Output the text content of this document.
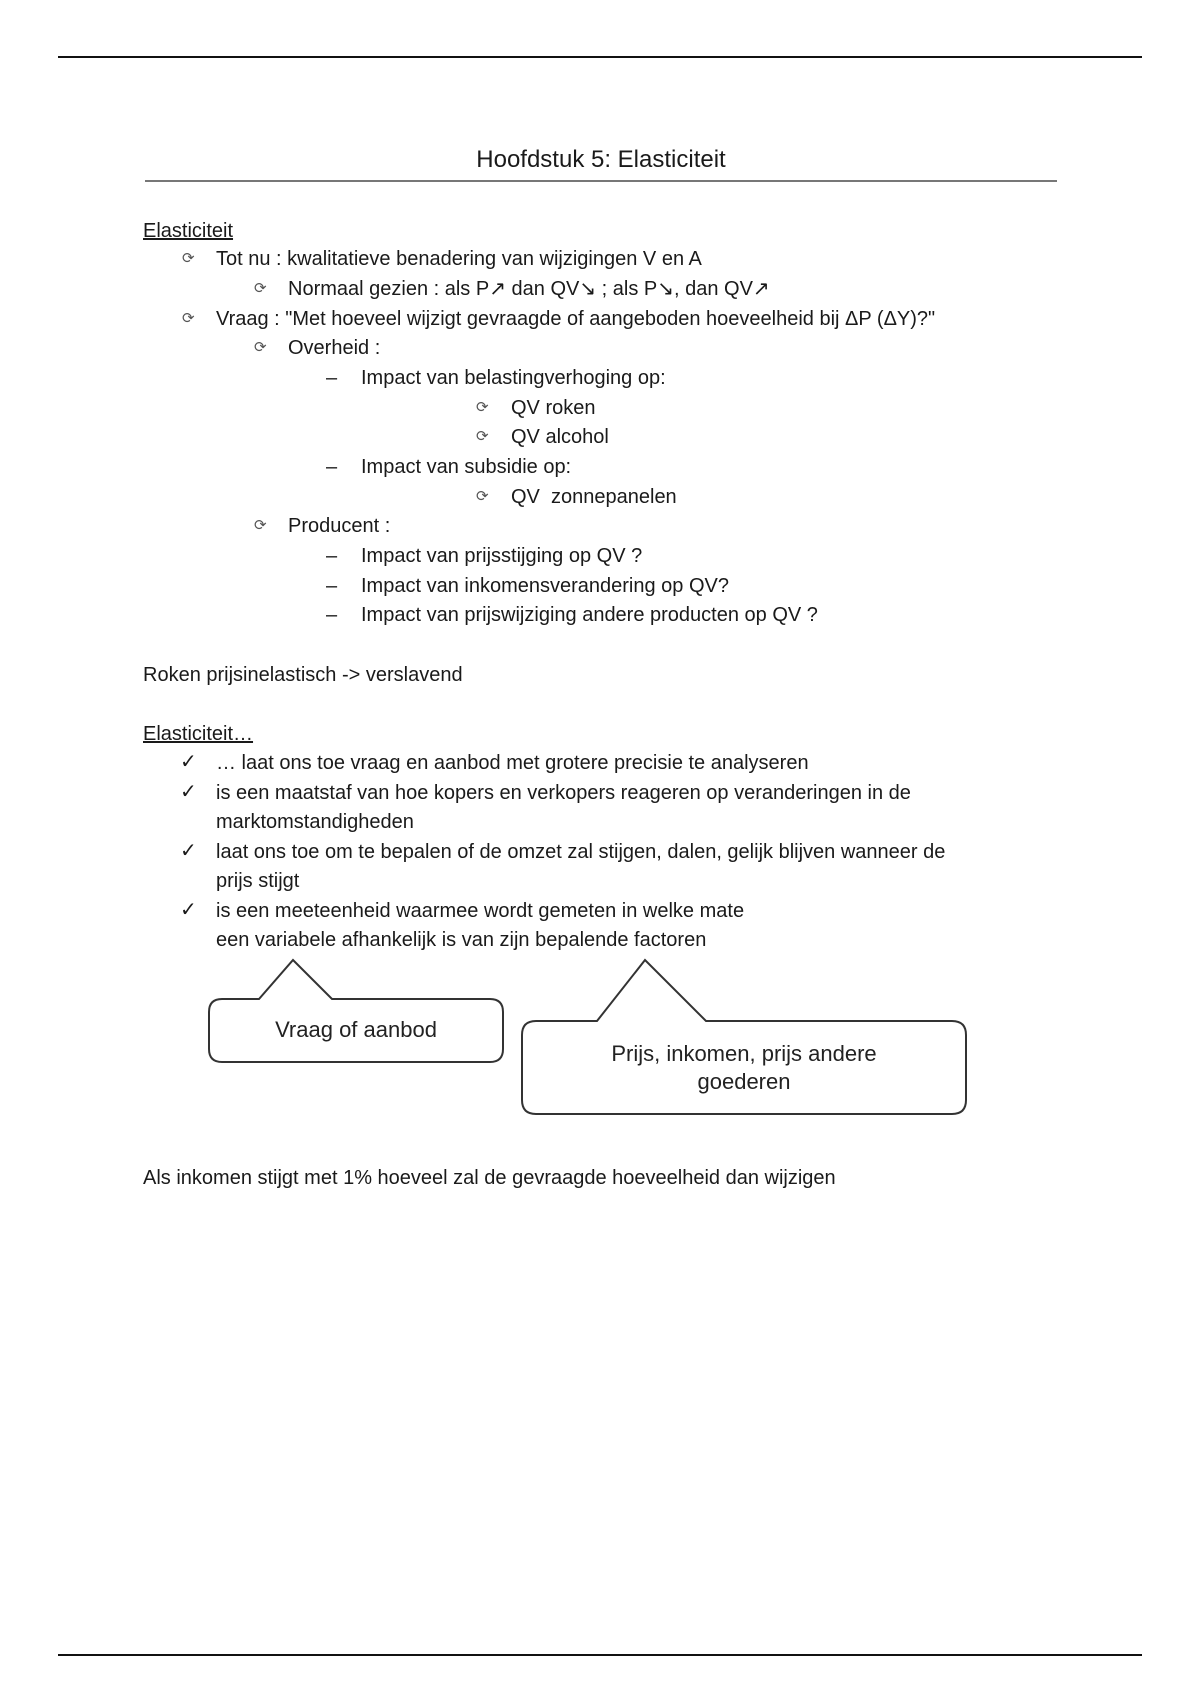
Hoofdstuk 5: Elasticiteit
Elasticiteit
⟳ Tot nu : kwalitatieve benadering van wijzigingen V en A
⟳ Normaal gezien : als P↗ dan QV↘ ; als P↘, dan QV↗
⟳ Vraag : "Met hoeveel wijzigt gevraagde of aangeboden hoeveelheid bij ΔP (ΔY)?"
⟳ Overheid :
– Impact van belastingverhoging op:
⟳ QV roken
⟳ QV alcohol
– Impact van subsidie op:
⟳ QV  zonnepanelen
⟳ Producent :
– Impact van prijsstijging op QV ?
– Impact van inkomensverandering op QV?
– Impact van prijswijziging andere producten op QV ?
Roken prijsinelastisch -> verslavend
Elasticiteit…
✓ … laat ons toe vraag en aanbod met grotere precisie te analyseren
✓ is een maatstaf van hoe kopers en verkopers reageren op veranderingen in de
marktomstandigheden
✓ laat ons toe om te bepalen of de omzet zal stijgen, dalen, gelijk blijven wanneer de
prijs stijgt
✓ is een meeteenheid waarmee wordt gemeten in welke mate
een variabele afhankelijk is van zijn bepalende factoren
Vraag of aanbod
Prijs, inkomen, prijs andere
goederen
Als inkomen stijgt met 1% hoeveel zal de gevraagde hoeveelheid dan wijzigen
